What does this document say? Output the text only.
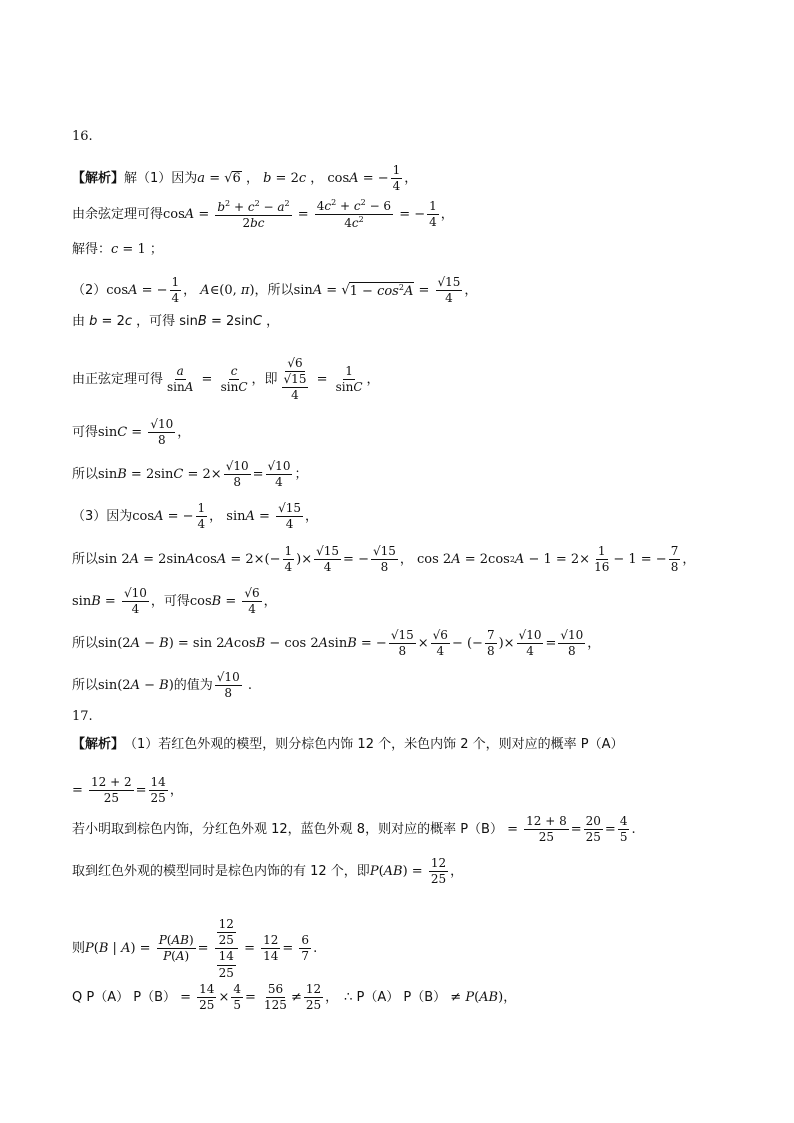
16.
【解析】 解（1）因为 a = √ 6 ， b = 2 c ， cos A = −
1
4 ，
由余弦定理可得 cos A =
$b^2 + c^2 - a^2$
2bc
=
$4c^2 + c^2 - 6$
$4c^2$ = −
1
4 ，
解得： c = 1 ；
（2） cos A = −
1
4 ， A ∈(0, π )， 所以 sin A = √ $1 - \cos^2A$ =
√15
4 ，
由 b = 2 c ，可得 sin B = 2sin C ，
由正弦定理可得
a
sinA =
c
sinC ，即
√6
$\frac{√15}{4}$ =
1
sinC ，
可得 sin C =
√10
8 ，
所以 sin B = 2sin C = 2×
√10
8 =
√10
4 ；
（3）因为 cos A = −
1
4 ， sin A =
√15
4 ，
所以 sin 2 A = 2sin A cos A = 2×(−
1
4 )×
√15
4 = −
√15
8 ， cos 2 A = 2cos 2 A − 1 = 2×
1
16 − 1 = −
7
8 ，
sin B =
√10
4 ，可得 cos B =
√6
4 ，
所以 sin(2 A − B ) = sin 2 A cos B − cos 2 A sin B = −
√15
8 ×
√6
4 − (−
7
8 )×
√10
4 =
√10
8 ，
所以 sin(2 A − B ) 的值为
√10
8 .
17.
【解析】 （1）若红色外观的模型，则分棕色内饰 12 个，米色内饰 2 个，则对应的概率 P（A）
=
12 + 2
25 =
14
25 ，
若小明取到棕色内饰，分红色外观 12，蓝色外观 8，则对应的概率 P（B） =
12 + 8
25 =
20
25 =
4
5 .
取到红色外观的模型同时是棕色内饰的有 12 个，即 P ( AB ) =
12
25 ，
则 P ( B | A ) =
P(AB)
P(A) =
$\frac{12}{25}$
$\frac{14}{25}$
=
12
14 =
6
7 .
Q P（A） P（B） =
14
25 ×
4
5 =
56
125 ≠
12
25 ， ∴ P（A） P（B） ≠
P ( AB )，
